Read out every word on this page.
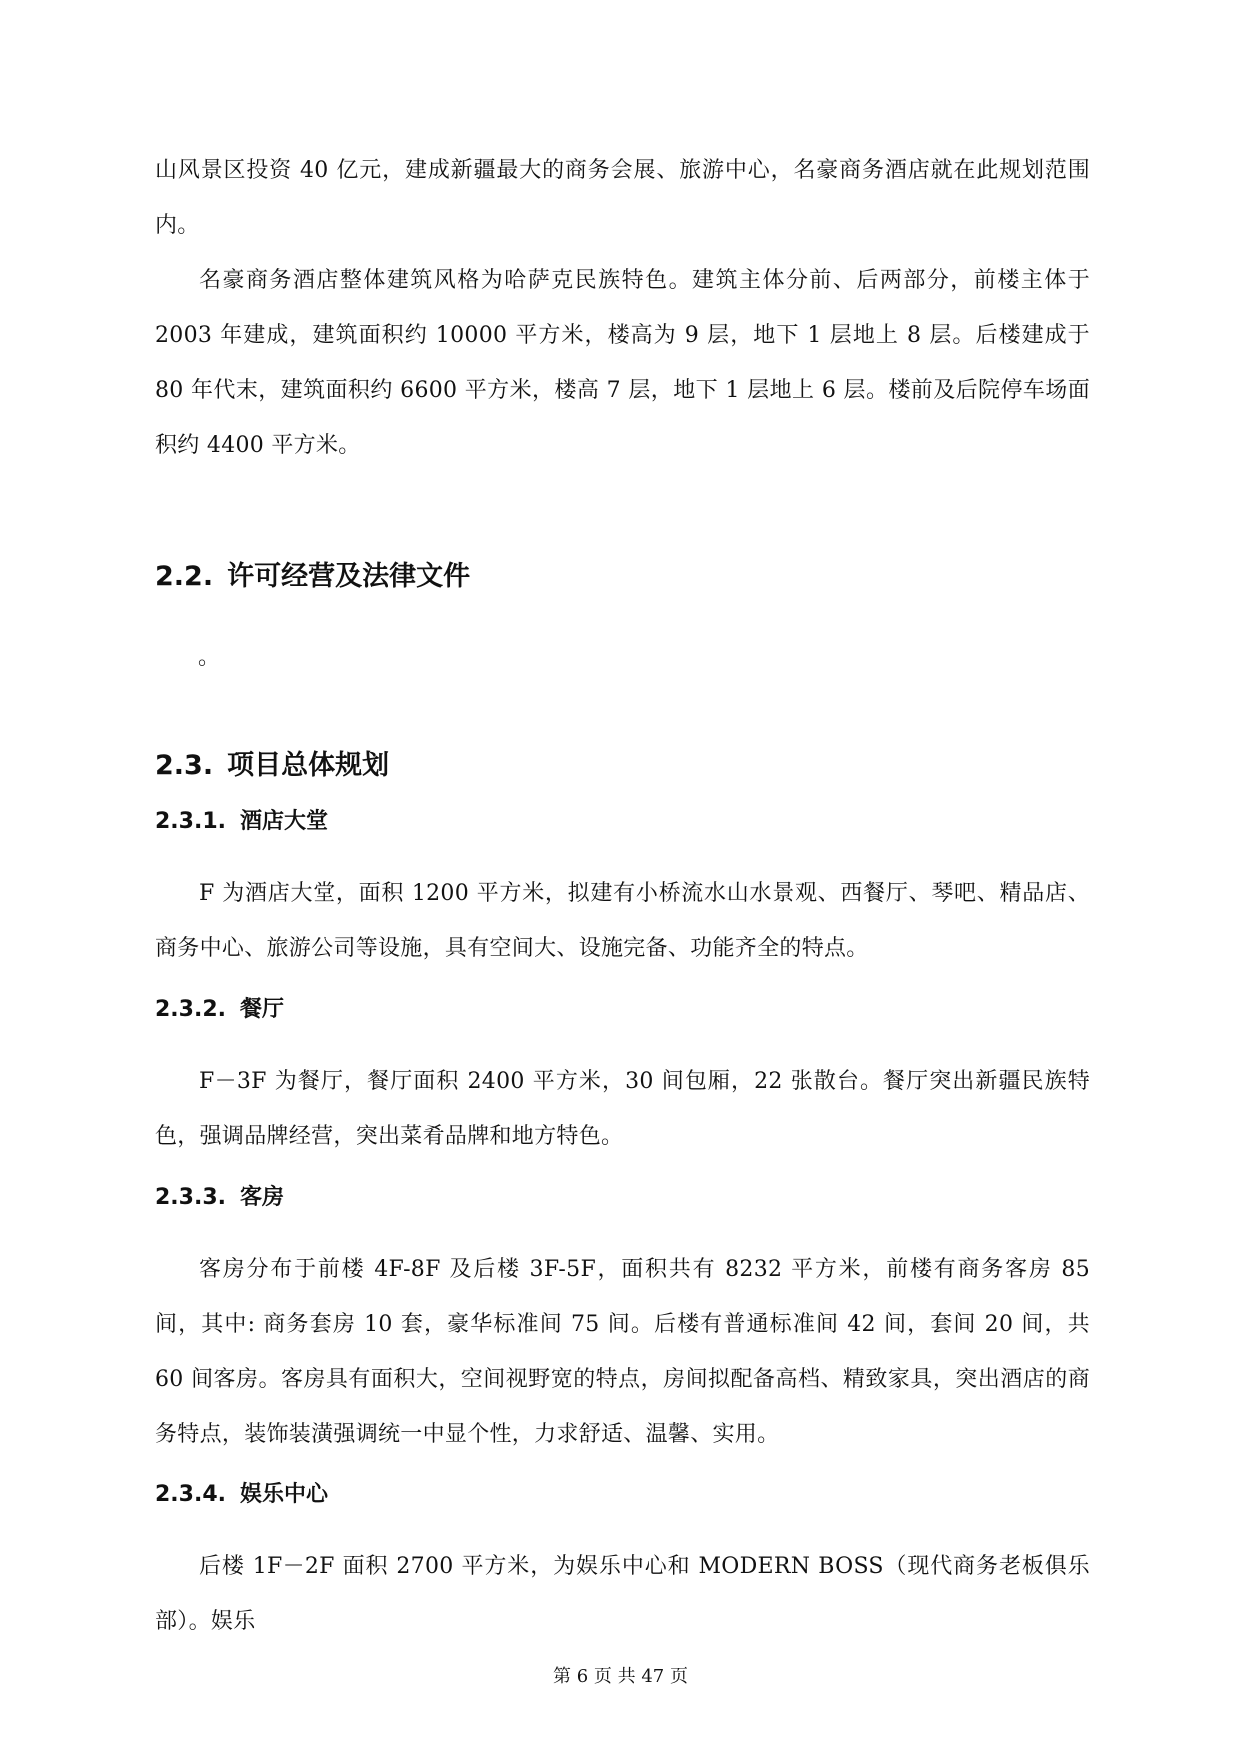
山风景区投资 40 亿元，建成新疆最大的商务会展、旅游中心，名豪商务酒店就在此规划范围内。

名豪商务酒店整体建筑风格为哈萨克民族特色。建筑主体分前、后两部分，前楼主体于 2003 年建成，建筑面积约 10000 平方米，楼高为 9 层，地下 1 层地上 8 层。后楼建成于 80 年代末，建筑面积约 6600 平方米，楼高 7 层，地下 1 层地上 6 层。楼前及后院停车场面积约 4400 平方米。

2.2. 许可经营及法律文件
。
2.3. 项目总体规划
2.3.1. 酒店大堂

F 为酒店大堂，面积 1200 平方米，拟建有小桥流水山水景观、西餐厅、琴吧、精品店、商务中心、旅游公司等设施，具有空间大、设施完备、功能齐全的特点。

2.3.2. 餐厅

F－3F 为餐厅，餐厅面积 2400 平方米，30 间包厢，22 张散台。餐厅突出新疆民族特色，强调品牌经营，突出菜肴品牌和地方特色。

2.3.3. 客房

客房分布于前楼 4F-8F 及后楼 3F-5F，面积共有 8232 平方米，前楼有商务客房 85 间，其中: 商务套房 10 套，豪华标准间 75 间。后楼有普通标准间 42 间，套间 20 间，共 60 间客房。客房具有面积大，空间视野宽的特点，房间拟配备高档、精致家具，突出酒店的商务特点，装饰装潢强调统一中显个性，力求舒适、温馨、实用。

2.3.4. 娱乐中心

后楼 1F－2F 面积 2700 平方米，为娱乐中心和 MODERN BOSS（现代商务老板俱乐部）。娱乐

第 6 页 共 47 页
